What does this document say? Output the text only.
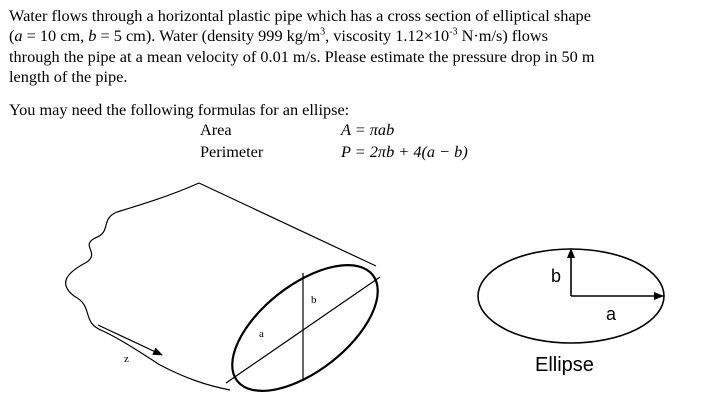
Water flows through a horizontal plastic pipe which has a cross section of elliptical shape
(a = 10 cm, b = 5 cm). Water (density 999 $kg/m^3$, viscosity $1.12\times 10^{-3}$ N·m/s) flows
through the pipe at a mean velocity of 0.01 m/s. Please estimate the pressure drop in 50 m
length of the pipe.
You may need the following formulas for an ellipse:
Area	A = πab
Perimeter	P = 2πb + 4(a − b)
b
a
z
b
a
Ellipse
